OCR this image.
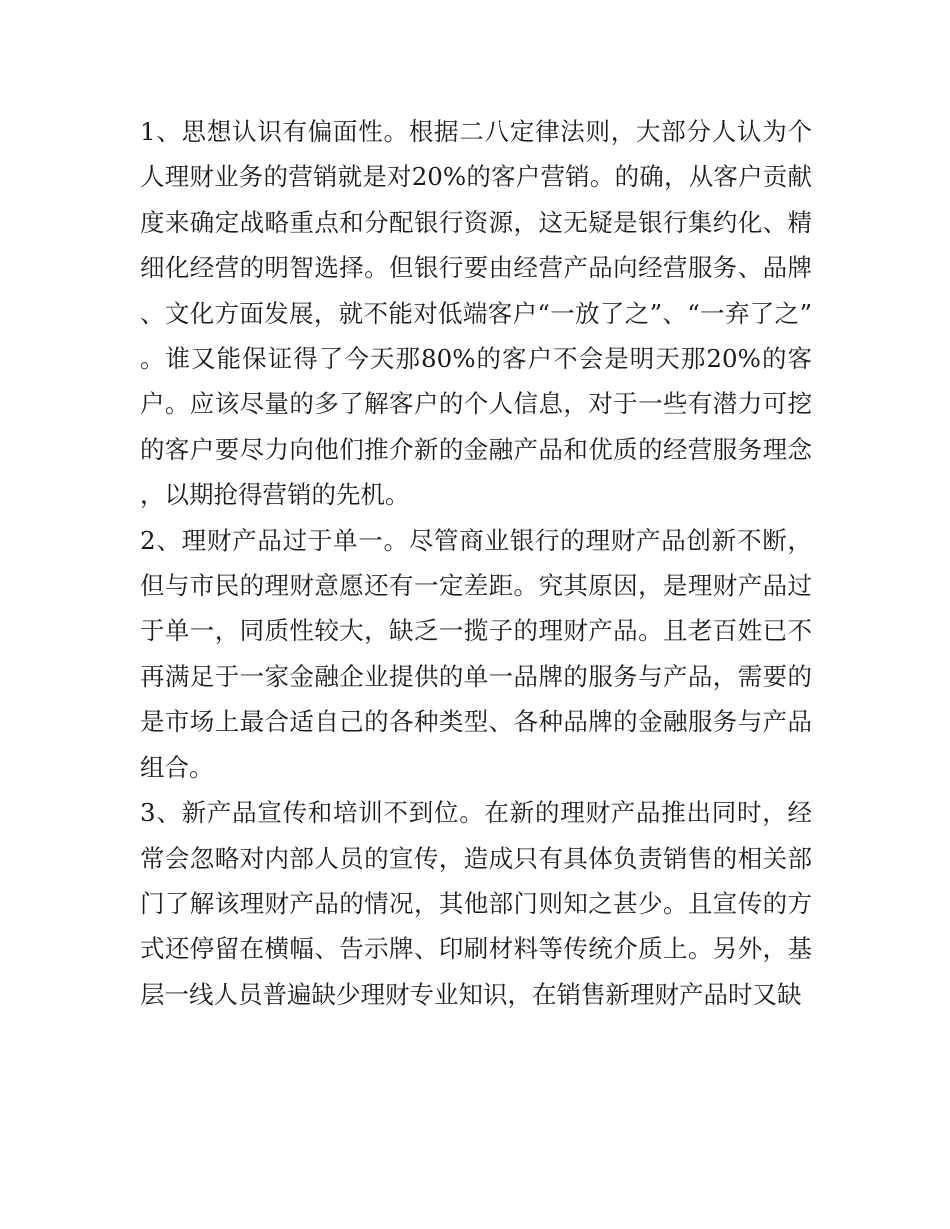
1、思想认识有偏面性。根据二八定律法则，大部分人认为个人理财业务的营销就是对20%的客户营销。的确，从客户贡献度来确定战略重点和分配银行资源，这无疑是银行集约化、精细化经营的明智选择。但银行要由经营产品向经营服务、品牌、文化方面发展，就不能对低端客户“一放了之”、“一弃了之”。谁又能保证得了今天那80%的客户不会是明天那20%的客户。应该尽量的多了解客户的个人信息，对于一些有潜力可挖的客户要尽力向他们推介新的金融产品和优质的经营服务理念，以期抢得营销的先机。

2、理财产品过于单一。尽管商业银行的理财产品创新不断，但与市民的理财意愿还有一定差距。究其原因，是理财产品过于单一，同质性较大，缺乏一揽子的理财产品。且老百姓已不再满足于一家金融企业提供的单一品牌的服务与产品，需要的是市场上最合适自己的各种类型、各种品牌的金融服务与产品组合。

3、新产品宣传和培训不到位。在新的理财产品推出同时，经常会忽略对内部人员的宣传，造成只有具体负责销售的相关部门了解该理财产品的情况，其他部门则知之甚少。且宣传的方式还停留在横幅、告示牌、印刷材料等传统介质上。另外，基层一线人员普遍缺少理财专业知识，在销售新理财产品时又缺
